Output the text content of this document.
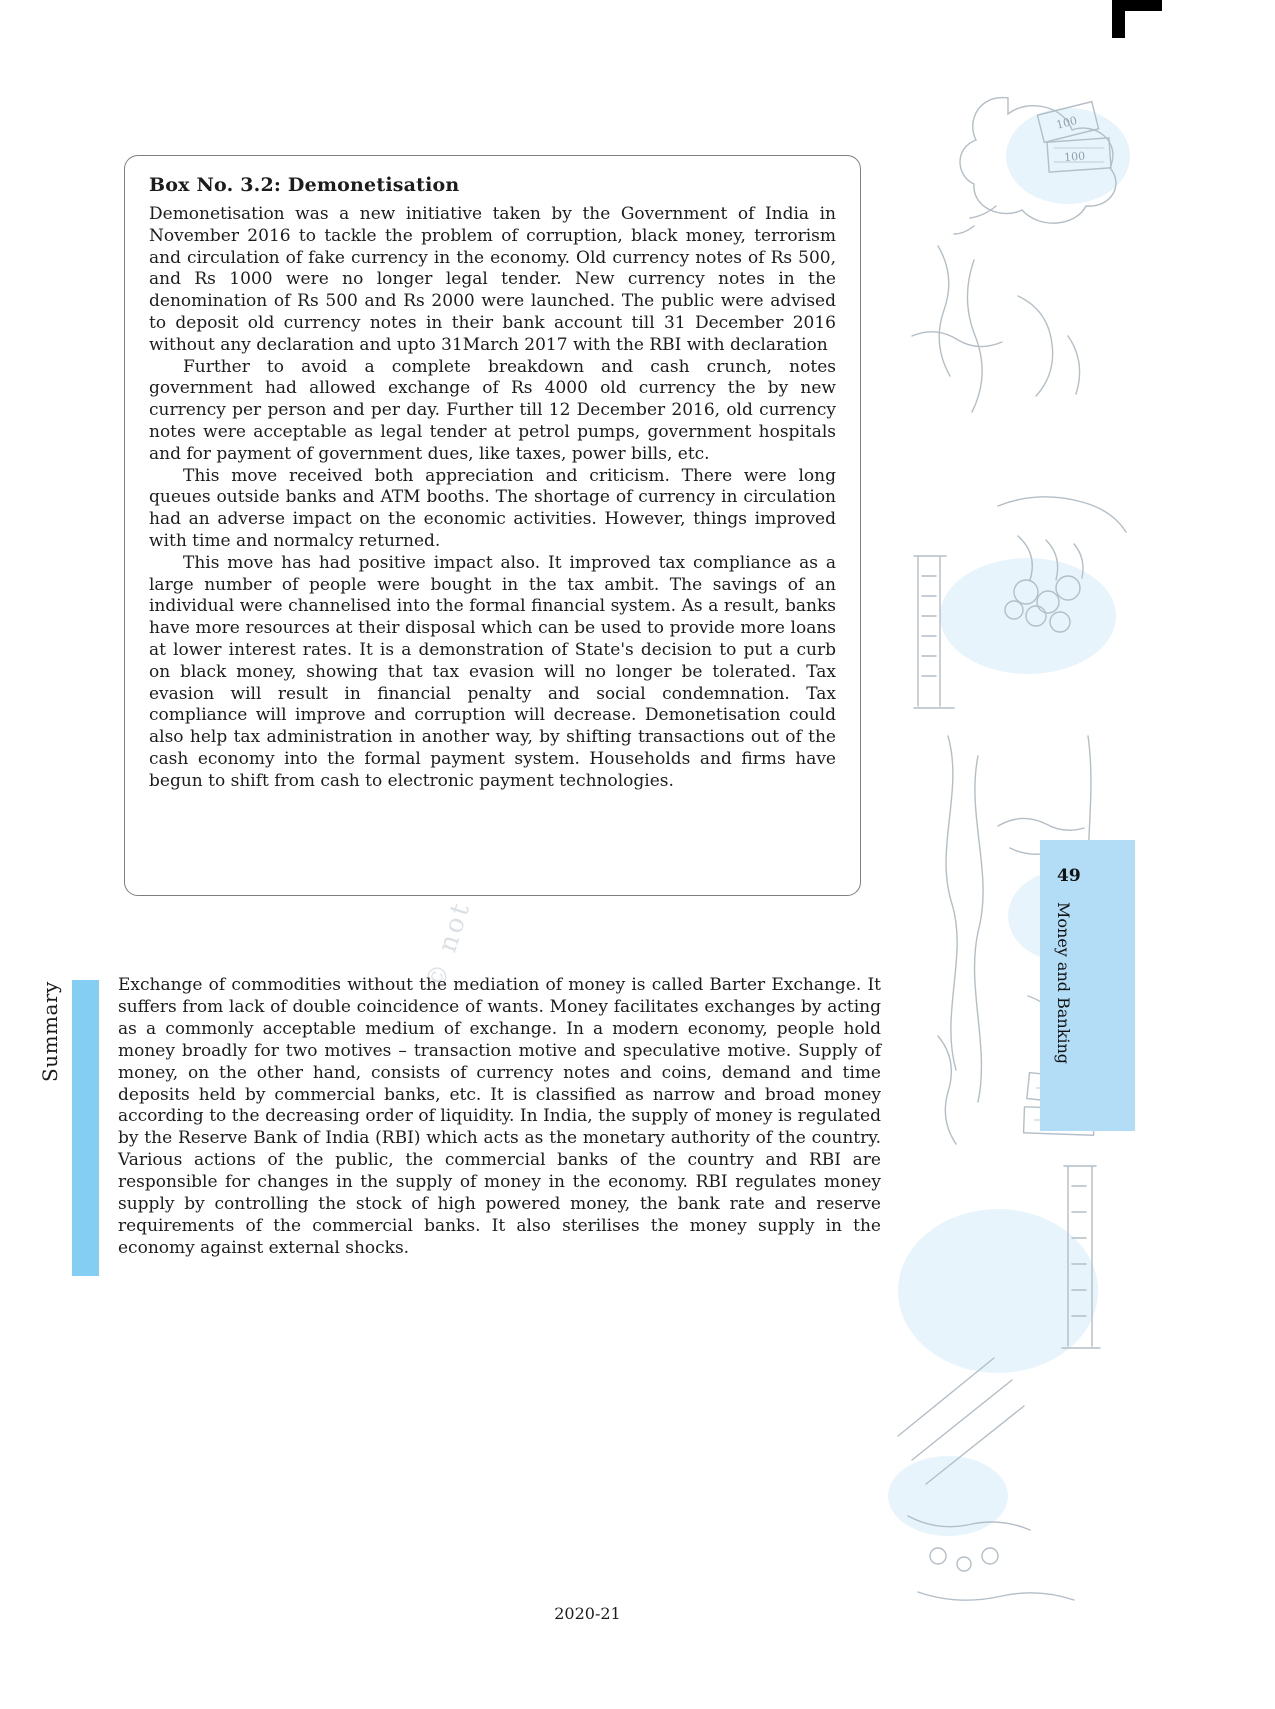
100
100
Box No. 3.2: Demonetisation

Demonetisation was a new initiative taken by the Government of India in November 2016 to tackle the problem of corruption, black money, terrorism and circulation of fake currency in the economy. Old currency notes of Rs 500, and Rs 1000 were no longer legal tender. New currency notes in the denomination of Rs 500 and Rs 2000 were launched. The public were advised to deposit old currency notes in their bank account till 31 December 2016 without any declaration and upto 31March 2017 with the RBI with declaration

Further to avoid a complete breakdown and cash crunch, notes government had allowed exchange of Rs 4000 old currency the by new currency per person and per day. Further till 12 December 2016, old currency notes were acceptable as legal tender at petrol pumps, government hospitals and for payment of government dues, like taxes, power bills, etc.

This move received both appreciation and criticism. There were long queues outside banks and ATM booths. The shortage of currency in circulation had an adverse impact on the economic activities. However, things improved with time and normalcy returned.

This move has had positive impact also. It improved tax compliance as a large number of people were bought in the tax ambit. The savings of an individual were channelised into the formal financial system. As a result, banks have more resources at their disposal which can be used to provide more loans at lower interest rates. It is a demonstration of State's decision to put a curb on black money, showing that tax evasion will no longer be tolerated. Tax evasion will result in financial penalty and social condemnation. Tax compliance will improve and corruption will decrease. Demonetisation could also help tax administration in another way, by shifting transactions out of the cash economy into the formal payment system. Households and firms have begun to shift from cash to electronic payment technologies.

Summary	Exchange of commodities without the mediation of money is called Barter Exchange. It suffers from lack of double coincidence of wants. Money facilitates exchanges by acting as a commonly acceptable medium of exchange. In a modern economy, people hold money broadly for two motives – transaction motive and speculative motive. Supply of money, on the other hand, consists of currency notes and coins, demand and time deposits held by commercial banks, etc. It is classified as narrow and broad money according to the decreasing order of liquidity. In India, the supply of money is regulated by the Reserve Bank of India (RBI) which acts as the monetary authority of the country. Various actions of the public, the commercial banks of the country and RBI are responsible for changes in the supply of money in the economy. RBI regulates money supply by controlling the stock of high powered money, the bank rate and reserve requirements of the commercial banks. It also sterilises the money supply in the economy against external shocks.

49
Money and Banking
2020-21
